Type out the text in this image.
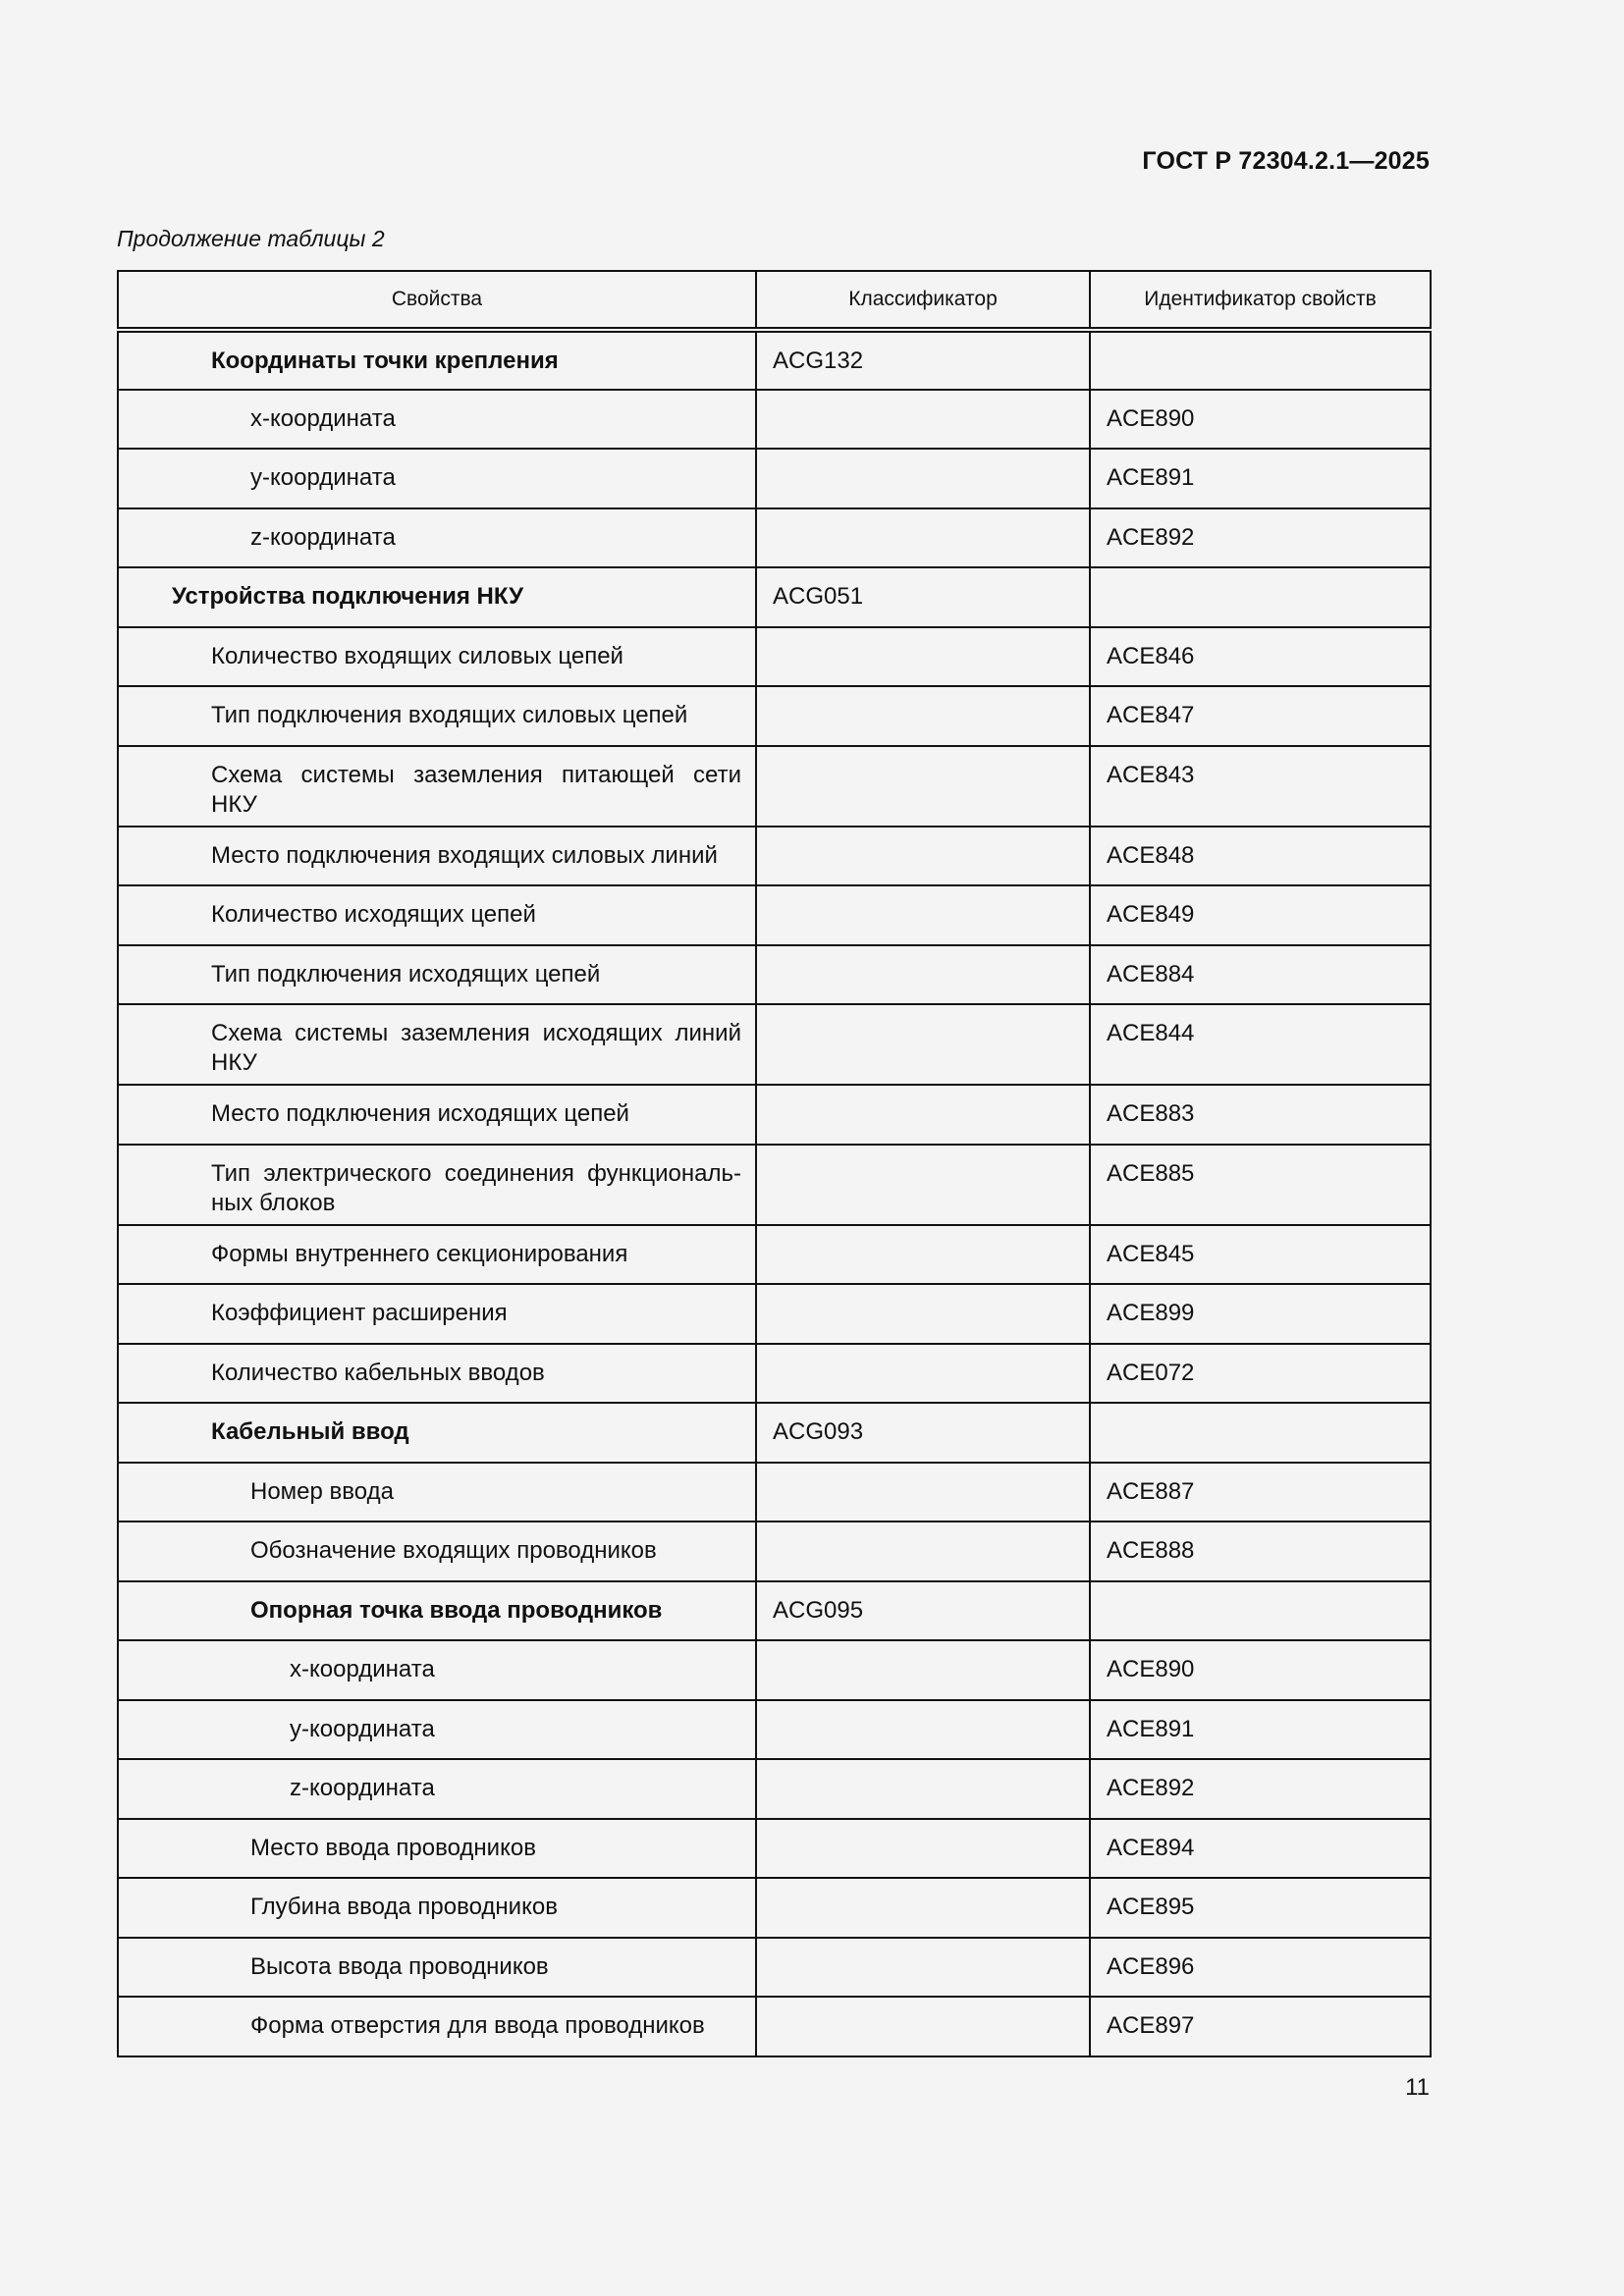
ГОСТ Р 72304.2.1—2025
Продолжение таблицы 2
Свойства	Классификатор	Идентификатор свойств
Координаты точки крепления	ACG132	
x-координата		ACE890
y-координата		ACE891
z-координата		ACE892
Устройства подключения НКУ	ACG051	
Количество входящих силовых цепей		ACE846
Тип подключения входящих силовых цепей		ACE847
Схема системы заземления питающей сети НКУ		ACE843
Место подключения входящих силовых линий		ACE848
Количество исходящих цепей		ACE849
Тип подключения исходящих цепей		ACE884
Схема системы заземления исходящих линий НКУ		ACE844
Место подключения исходящих цепей		ACE883
Тип электрического соединения функциональ-ных блоков		ACE885
Формы внутреннего секционирования		ACE845
Коэффициент расширения		ACE899
Количество кабельных вводов		ACE072
Кабельный ввод	ACG093	
Номер ввода		ACE887
Обозначение входящих проводников		ACE888
Опорная точка ввода проводников	ACG095	
x-координата		ACE890
y-координата		ACE891
z-координата		ACE892
Место ввода проводников		ACE894
Глубина ввода проводников		ACE895
Высота ввода проводников		ACE896
Форма отверстия для ввода проводников		ACE897
11
